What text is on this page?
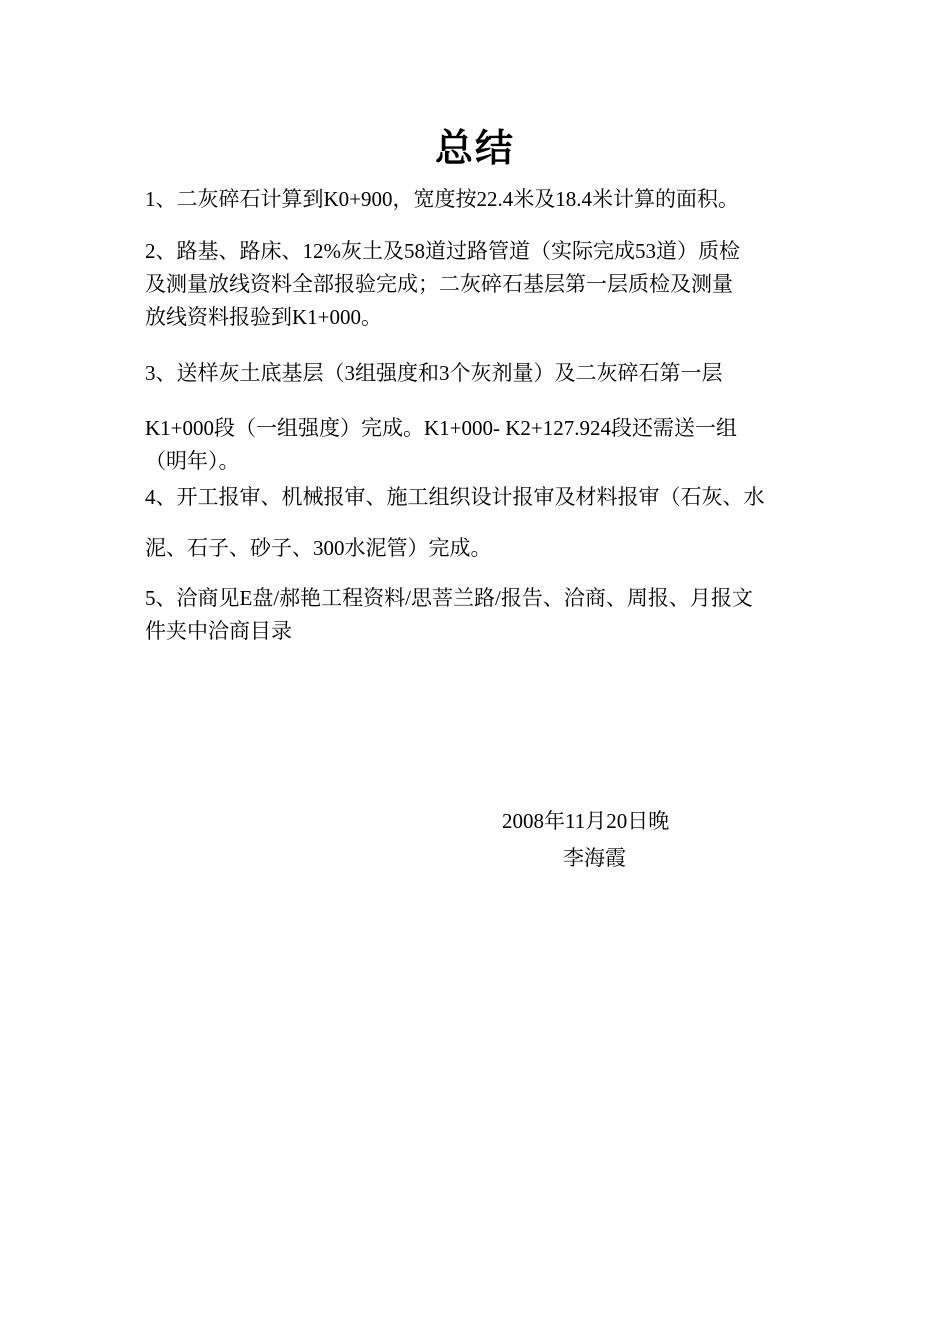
总结

1、二灰碎石计算到K0+900，宽度按22.4米及18.4米计算的面积。

2、路基、路床、12%灰土及58道过路管道（实际完成53道）质检
及测量放线资料全部报验完成；二灰碎石基层第一层质检及测量
放线资料报验到K1+000。

3、送样灰土底基层（3组强度和3个灰剂量）及二灰碎石第一层
K1+000段（一组强度）完成。K1+000- K2+127.924段还需送一组
（明年）。

4、开工报审、机械报审、施工组织设计报审及材料报审（石灰、水
泥、石子、砂子、300水泥管）完成。

5、洽商见E盘/郝艳工程资料/思菩兰路/报告、洽商、周报、月报文
件夹中洽商目录

2008年11月20日晚
李海霞
